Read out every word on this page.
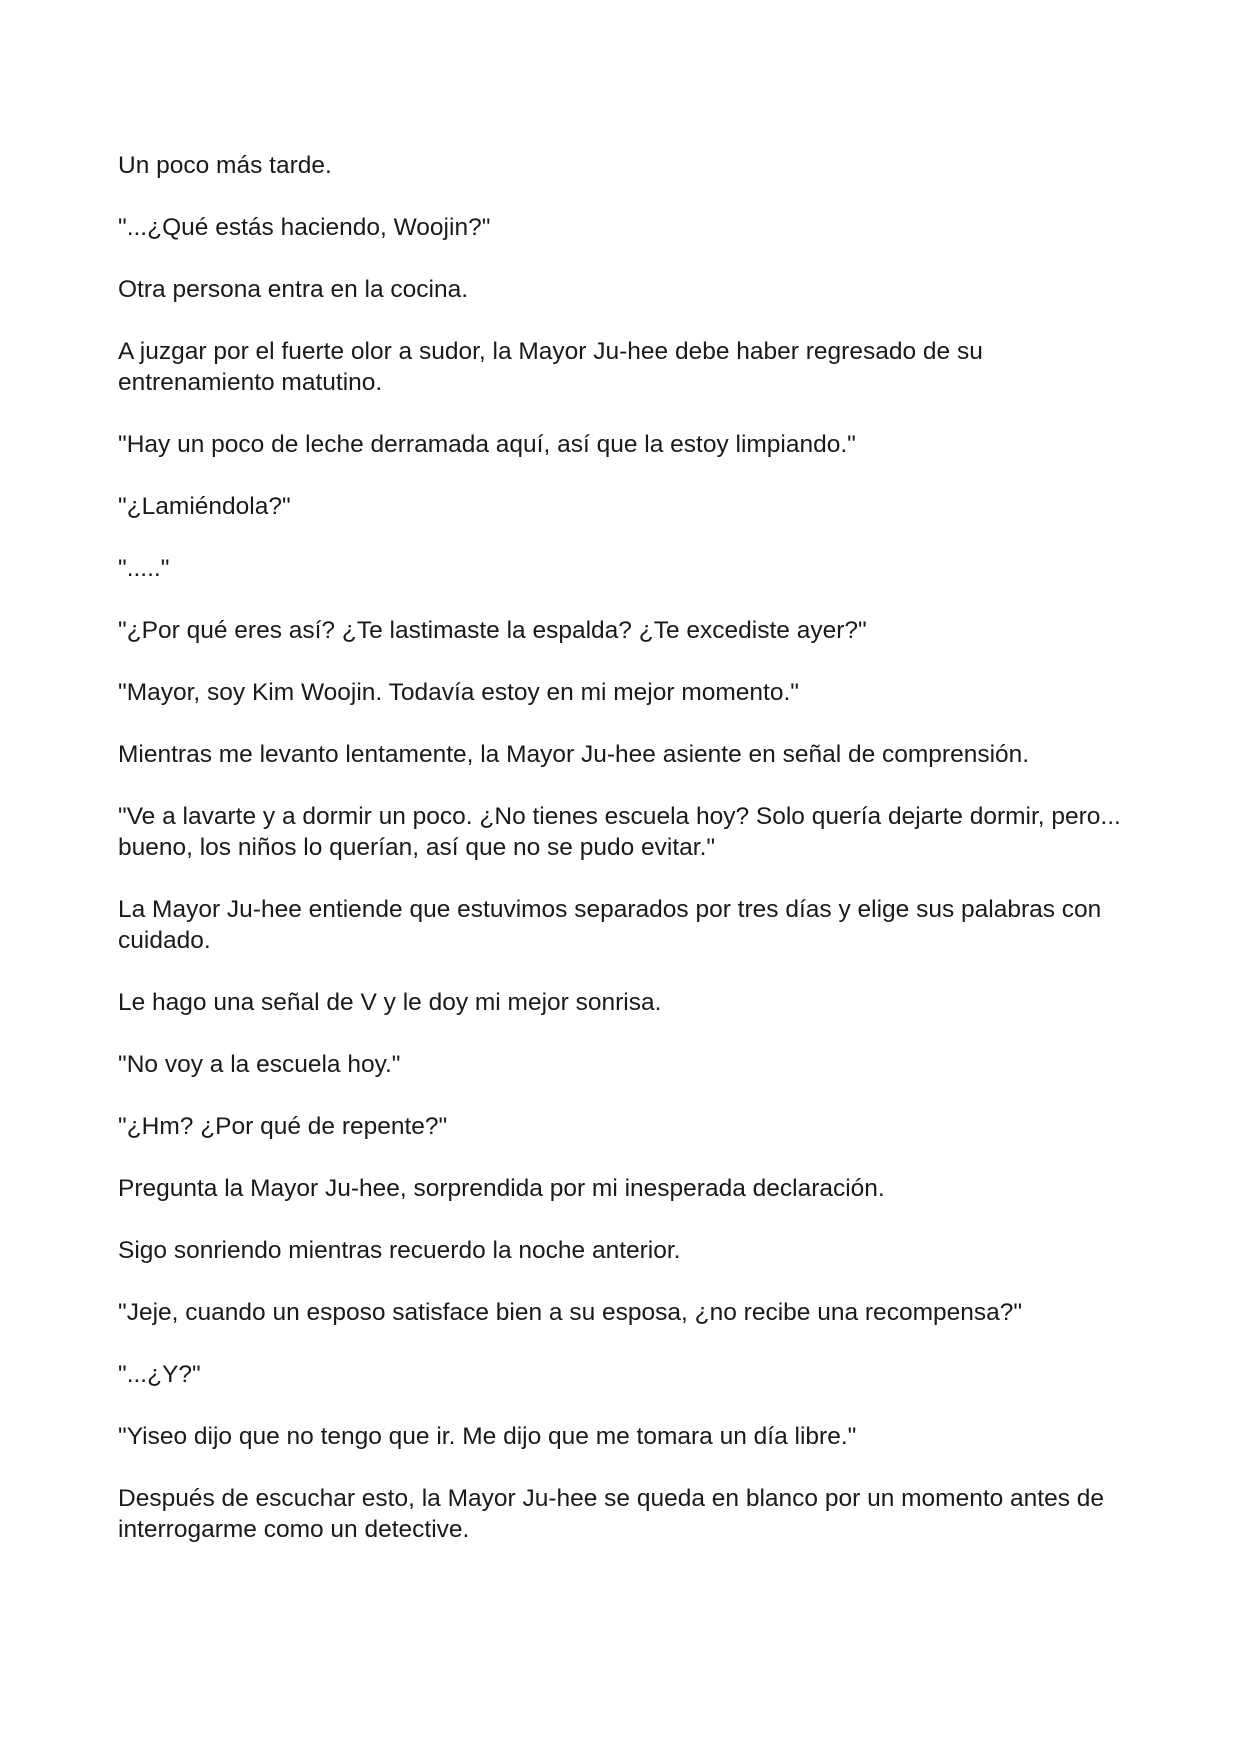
Un poco más tarde.

"...¿Qué estás haciendo, Woojin?"

Otra persona entra en la cocina.

A juzgar por el fuerte olor a sudor, la Mayor Ju-hee debe haber regresado de su entrenamiento matutino.

"Hay un poco de leche derramada aquí, así que la estoy limpiando."

"¿Lamiéndola?"

"....."

"¿Por qué eres así? ¿Te lastimaste la espalda? ¿Te excediste ayer?"

"Mayor, soy Kim Woojin. Todavía estoy en mi mejor momento."

Mientras me levanto lentamente, la Mayor Ju-hee asiente en señal de comprensión.

"Ve a lavarte y a dormir un poco. ¿No tienes escuela hoy? Solo quería dejarte dormir, pero... bueno, los niños lo querían, así que no se pudo evitar."

La Mayor Ju-hee entiende que estuvimos separados por tres días y elige sus palabras con cuidado.

Le hago una señal de V y le doy mi mejor sonrisa.

"No voy a la escuela hoy."

"¿Hm? ¿Por qué de repente?"

Pregunta la Mayor Ju-hee, sorprendida por mi inesperada declaración.

Sigo sonriendo mientras recuerdo la noche anterior.

"Jeje, cuando un esposo satisface bien a su esposa, ¿no recibe una recompensa?"

"...¿Y?"

"Yiseo dijo que no tengo que ir. Me dijo que me tomara un día libre."

Después de escuchar esto, la Mayor Ju-hee se queda en blanco por un momento antes de interrogarme como un detective.
